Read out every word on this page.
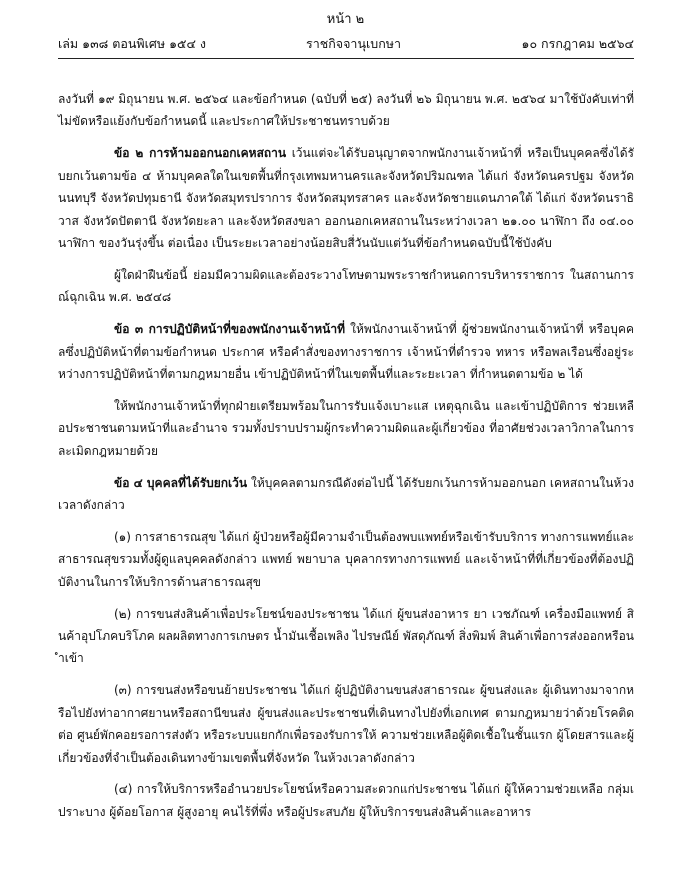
หน้า ๒
เล่ม ๑๓๘ ตอนพิเศษ ๑๕๔ ง	ราชกิจจานุเบกษา	๑๐ กรกฎาคม ๒๕๖๔

ลงวันที่ ๑๙ มิถุนายน พ.ศ. ๒๕๖๔ และข้อกำหนด (ฉบับที่ ๒๕) ลงวันที่ ๒๖ มิถุนายน พ.ศ. ๒๕๖๔ มาใช้บังคับเท่าที่ไม่ขัดหรือแย้งกับข้อกำหนดนี้ และประกาศให้ประชาชนทราบด้วย

ข้อ ๒ การห้ามออกนอกเคหสถาน เว้นแต่จะได้รับอนุญาตจากพนักงานเจ้าหน้าที่ หรือเป็นบุคคลซึ่งได้รับยกเว้นตามข้อ ๔ ห้ามบุคคลใดในเขตพื้นที่กรุงเทพมหานครและจังหวัดปริมณฑล ได้แก่ จังหวัดนครปฐม จังหวัดนนทบุรี จังหวัดปทุมธานี จังหวัดสมุทรปราการ จังหวัดสมุทรสาคร และจังหวัดชายแดนภาคใต้ ได้แก่ จังหวัดนราธิวาส จังหวัดปัตตานี จังหวัดยะลา และจังหวัดสงขลา ออกนอกเคหสถานในระหว่างเวลา ๒๑.๐๐ นาฬิกา ถึง ๐๔.๐๐ นาฬิกา ของวันรุ่งขึ้น ต่อเนื่อง เป็นระยะเวลาอย่างน้อยสิบสี่วันนับแต่วันที่ข้อกำหนดฉบับนี้ใช้บังคับ

ผู้ใดฝ่าฝืนข้อนี้ ย่อมมีความผิดและต้องระวางโทษตามพระราชกำหนดการบริหารราชการ ในสถานการณ์ฉุกเฉิน พ.ศ. ๒๕๔๘

ข้อ ๓ การปฏิบัติหน้าที่ของพนักงานเจ้าหน้าที่ ให้พนักงานเจ้าหน้าที่ ผู้ช่วยพนักงานเจ้าหน้าที่ หรือบุคคลซึ่งปฏิบัติหน้าที่ตามข้อกำหนด ประกาศ หรือคำสั่งของทางราชการ เจ้าหน้าที่ตำรวจ ทหาร หรือพลเรือนซึ่งอยู่ระหว่างการปฏิบัติหน้าที่ตามกฎหมายอื่น เข้าปฏิบัติหน้าที่ในเขตพื้นที่และระยะเวลา ที่กำหนดตามข้อ ๒ ได้

ให้พนักงานเจ้าหน้าที่ทุกฝ่ายเตรียมพร้อมในการรับแจ้งเบาะแส เหตุฉุกเฉิน และเข้าปฏิบัติการ ช่วยเหลือประชาชนตามหน้าที่และอำนาจ รวมทั้งปราบปรามผู้กระทำความผิดและผู้เกี่ยวข้อง ที่อาศัยช่วงเวลาวิกาลในการละเมิดกฎหมายด้วย

ข้อ ๔ บุคคลที่ได้รับยกเว้น ให้บุคคลตามกรณีดังต่อไปนี้ ได้รับยกเว้นการห้ามออกนอก เคหสถานในห้วงเวลาดังกล่าว

(๑) การสาธารณสุข ได้แก่ ผู้ป่วยหรือผู้มีความจำเป็นต้องพบแพทย์หรือเข้ารับบริการ ทางการแพทย์และสาธารณสุขรวมทั้งผู้ดูแลบุคคลดังกล่าว แพทย์ พยาบาล บุคลากรทางการแพทย์ และเจ้าหน้าที่ที่เกี่ยวข้องที่ต้องปฏิบัติงานในการให้บริการด้านสาธารณสุข

(๒) การขนส่งสินค้าเพื่อประโยชน์ของประชาชน ได้แก่ ผู้ขนส่งอาหาร ยา เวชภัณฑ์ เครื่องมือแพทย์ สินค้าอุปโภคบริโภค ผลผลิตทางการเกษตร น้ำมันเชื้อเพลิง ไปรษณีย์ พัสดุภัณฑ์ สิ่งพิมพ์ สินค้าเพื่อการส่งออกหรือนำเข้า

(๓) การขนส่งหรือขนย้ายประชาชน ได้แก่ ผู้ปฏิบัติงานขนส่งสาธารณะ ผู้ขนส่งและ ผู้เดินทางมาจากหรือไปยังท่าอากาศยานหรือสถานีขนส่ง ผู้ขนส่งและประชาชนที่เดินทางไปยังที่เอกเทศ ตามกฎหมายว่าด้วยโรคติดต่อ ศูนย์พักคอยรอการส่งตัว หรือระบบแยกกักเพื่อรองรับการให้ ความช่วยเหลือผู้ติดเชื้อในชั้นแรก ผู้โดยสารและผู้เกี่ยวข้องที่จำเป็นต้องเดินทางข้ามเขตพื้นที่จังหวัด ในห้วงเวลาดังกล่าว

(๔) การให้บริการหรืออำนวยประโยชน์หรือความสะดวกแก่ประชาชน ได้แก่ ผู้ให้ความช่วยเหลือ กลุ่มเปราะบาง ผู้ด้อยโอกาส ผู้สูงอายุ คนไร้ที่พึ่ง หรือผู้ประสบภัย ผู้ให้บริการขนส่งสินค้าและอาหาร
